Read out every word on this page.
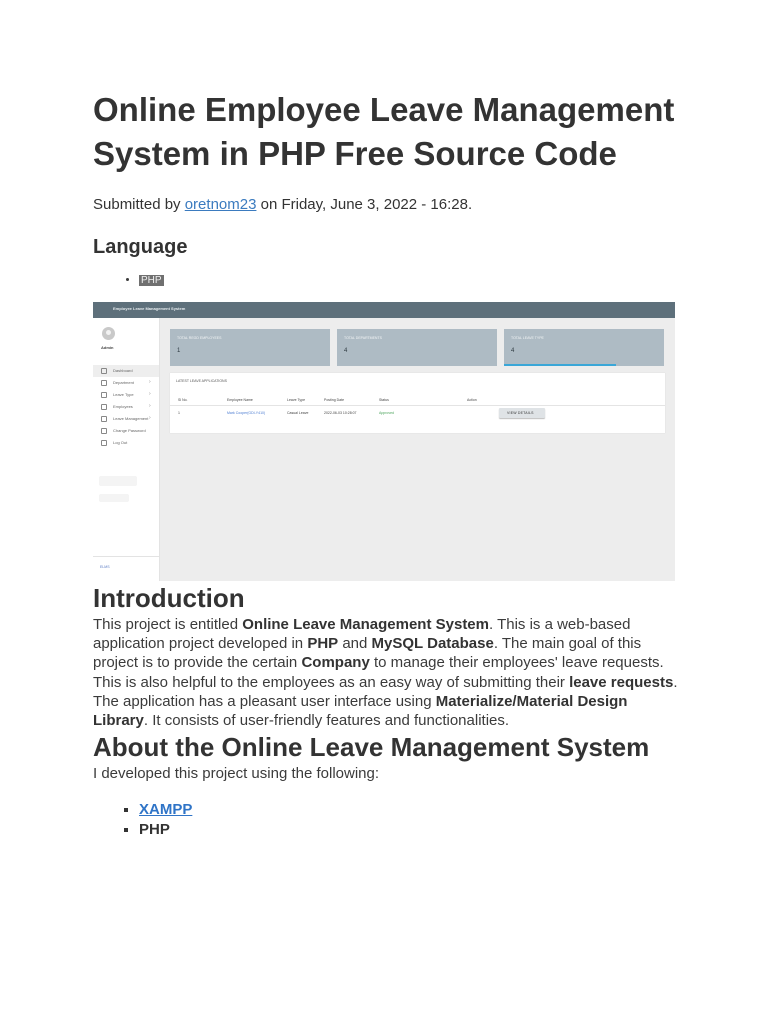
Online Employee Leave Management System in PHP Free Source Code
Submitted by oretnom23 on Friday, June 3, 2022 - 16:28.
Language
• PHP
Employee Leave Management System
Admin
Dashboard
Department	›
Leave Type	›
Employees	›
Leave Management ›
Change Password
Log Out
ELMS
TOTAL REGD EMPLOYEES
1
TOTAL DEPARTMENTS
4
TOTAL LEAVE TYPE
4
LATEST LEAVE APPLICATIONS
Sl No.	Employee Name	Leave Type	Posting Date	Status	Action
1	Mark Cooper(GDI-Y410)	Casual Leave	2022-06-03 10:28:07	Approved	VIEW DETAILS
Introduction

This project is entitled Online Leave Management System. This is a web-based application project developed in PHP and MySQL Database. The main goal of this project is to provide the certain Company to manage their employees' leave requests. This is also helpful to the employees as an easy way of submitting their leave requests. The application has a pleasant user interface using Materialize/Material Design Library. It consists of user-friendly features and functionalities.

About the Online Leave Management System

I developed this project using the following:

▪ XAMPP
▪ PHP
